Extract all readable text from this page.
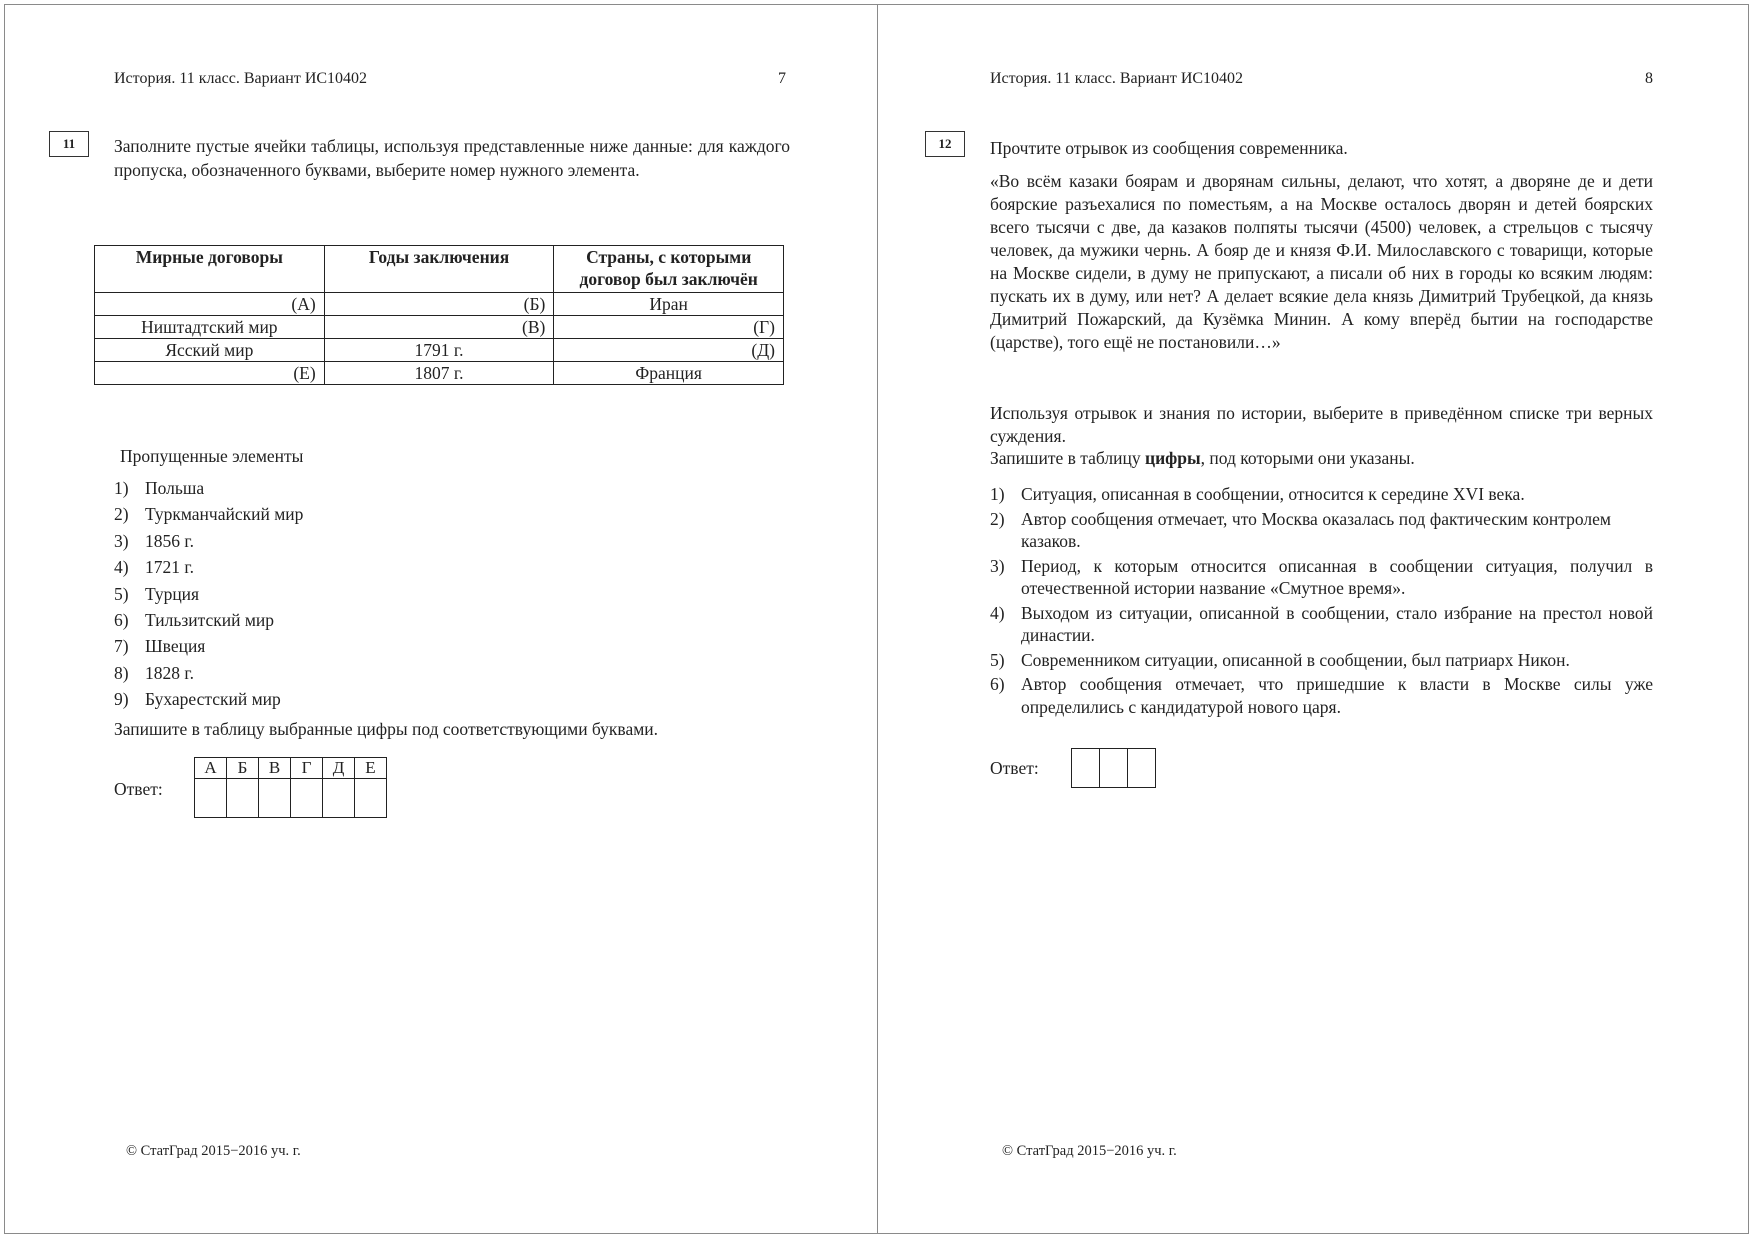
История. 11 класс. Вариант ИС10402	7
11	Заполните пустые ячейки таблицы, используя представленные ниже данные: для каждого пропуска, обозначенного буквами, выберите номер нужного элемента.
Мирные договоры	Годы заключения	Страны, с которыми договор был заключён
(А)	(Б)	Иран
Ништадтский мир	(В)	(Г)
Ясский мир	1791 г.	(Д)
(Е)	1807 г.	Франция
Пропущенные элементы
1) Польша
2) Туркманчайский мир
3) 1856 г.
4) 1721 г.
5) Турция
6) Тильзитский мир
7) Швеция
8) 1828 г.
9) Бухарестский мир
Запишите в таблицу выбранные цифры под соответствующими буквами.
Ответ:
А	Б	В	Г	Д	Е

© СтатГрад 2015−2016 уч. г.
История. 11 класс. Вариант ИС10402	8
12	Прочтите отрывок из сообщения современника.
«Во всём казаки боярам и дворянам сильны, делают, что хотят, а дворяне де и дети боярские разъехалися по поместьям, а на Москве осталось дворян и детей боярских всего тысячи с две, да казаков полпяты тысячи (4500) человек, а стрельцов с тысячу человек, да мужики чернь. А бояр де и князя Ф.И. Милославского с товарищи, которые на Москве сидели, в думу не припускают, а писали об них в городы ко всяким людям: пускать их в думу, или нет? А делает всякие дела князь Димитрий Трубецкой, да князь Димитрий Пожарский, да Кузёмка Минин. А кому вперёд бытии на господарстве (царстве), того ещё не постановили…»
Используя отрывок и знания по истории, выберите в приведённом списке три верных суждения.
Запишите в таблицу цифры, под которыми они указаны.
1) Ситуация, описанная в сообщении, относится к середине XVI века.
2) Автор сообщения отмечает, что Москва оказалась под фактическим контролем казаков.
3) Период, к которым относится описанная в сообщении ситуация, получил в отечественной истории название «Смутное время».
4) Выходом из ситуации, описанной в сообщении, стало избрание на престол новой династии.
5) Современником ситуации, описанной в сообщении, был патриарх Никон.
6) Автор сообщения отмечает, что пришедшие к власти в Москве силы уже определились с кандидатурой нового царя.
Ответ:
© СтатГрад 2015−2016 уч. г.
